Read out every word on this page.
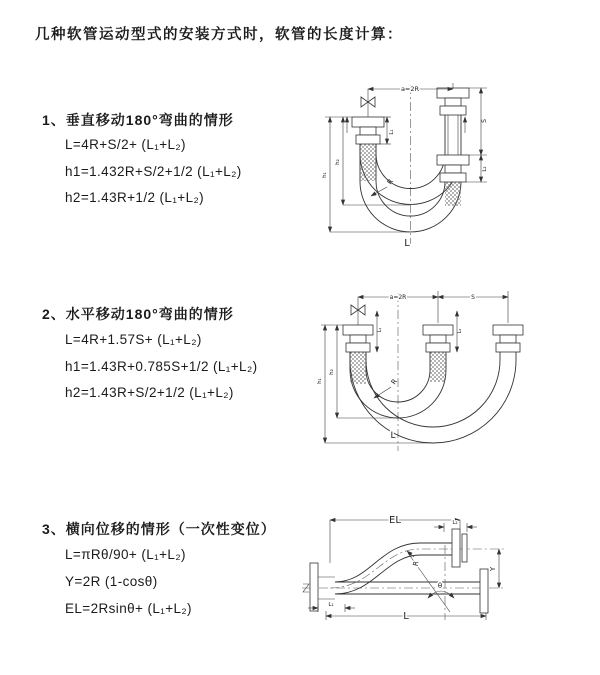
几种软管运动型式的安装方式时，软管的长度计算：
1、垂直移动180°弯曲的情形
L=4R+S/2+ (L₁+L₂)
h1=1.432R+S/2+1/2 (L₁+L₂)
h2=1.43R+1/2 (L₁+L₂)
2、水平移动180°弯曲的情形
L=4R+1.57S+ (L₁+L₂)
h1=1.43R+0.785S+1/2 (L₁+L₂)
h2=1.43R+S/2+1/2 (L₁+L₂)
3、横向位移的情形（一次性变位）
L=πRθ/90+ (L₁+L₂)
Y=2R (1-cosθ)
EL=2Rsinθ+ (L₁+L₂)
a=2R
L₁
S
L₂
h₁
h₂
R
L
a=2R	S
L₁	L₂
h₁
h₂
R
L
EL	L₂
Y
R
θ
L₁
L
